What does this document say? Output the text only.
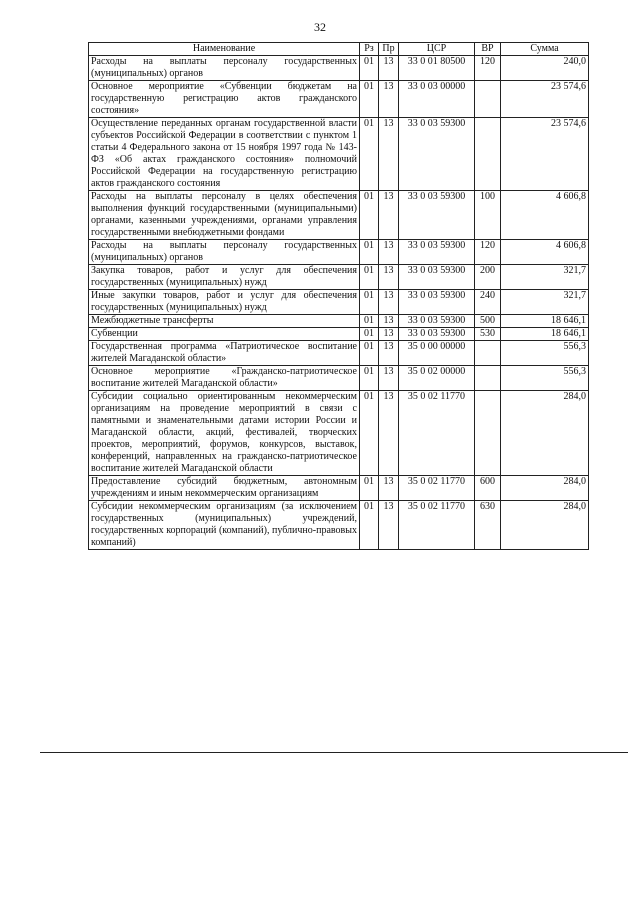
32
Наименование	Рз	Пр	ЦСР	ВР	Сумма
Расходы на выплаты персоналу государственных (муниципальных) органов	01	13	33 0 01 80500	120	240,0
Основное мероприятие «Субвенции бюджетам на государственную регистрацию актов гражданского состояния»	01	13	33 0 03 00000		23 574,6
Осуществление переданных органам государственной власти субъектов Российской Федерации в соответствии с пунктом 1 статьи 4 Федерального закона от 15 ноября 1997 года № 143-ФЗ «Об актах гражданского состояния» полномочий Российской Федерации на государственную регистрацию актов гражданского состояния	01	13	33 0 03 59300		23 574,6
Расходы на выплаты персоналу в целях обеспечения выполнения функций государственными (муниципальными) органами, казенными учреждениями, органами управления государственными внебюджетными фондами	01	13	33 0 03 59300	100	4 606,8
Расходы на выплаты персоналу государственных (муниципальных) органов	01	13	33 0 03 59300	120	4 606,8
Закупка товаров, работ и услуг для обеспечения государственных (муниципальных) нужд	01	13	33 0 03 59300	200	321,7
Иные закупки товаров, работ и услуг для обеспечения государственных (муниципальных) нужд	01	13	33 0 03 59300	240	321,7
Межбюджетные трансферты	01	13	33 0 03 59300	500	18 646,1
Субвенции	01	13	33 0 03 59300	530	18 646,1
Государственная программа «Патриотическое воспитание жителей Магаданской области»	01	13	35 0 00 00000		556,3
Основное мероприятие «Гражданско-патриотическое воспитание жителей Магаданской области»	01	13	35 0 02 00000		556,3
Субсидии социально ориентированным некоммерческим организациям на проведение мероприятий в связи с памятными и знаменательными датами истории России и Магаданской области, акций, фестивалей, творческих проектов, мероприятий, форумов, конкурсов, выставок, конференций, направленных на гражданско-патриотическое воспитание жителей Магаданской области	01	13	35 0 02 11770		284,0
Предоставление субсидий бюджетным, автономным учреждениям и иным некоммерческим организациям	01	13	35 0 02 11770	600	284,0
Субсидии некоммерческим организациям (за исключением государственных (муниципальных) учреждений, государственных корпораций (компаний), публично-правовых компаний)	01	13	35 0 02 11770	630	284,0
